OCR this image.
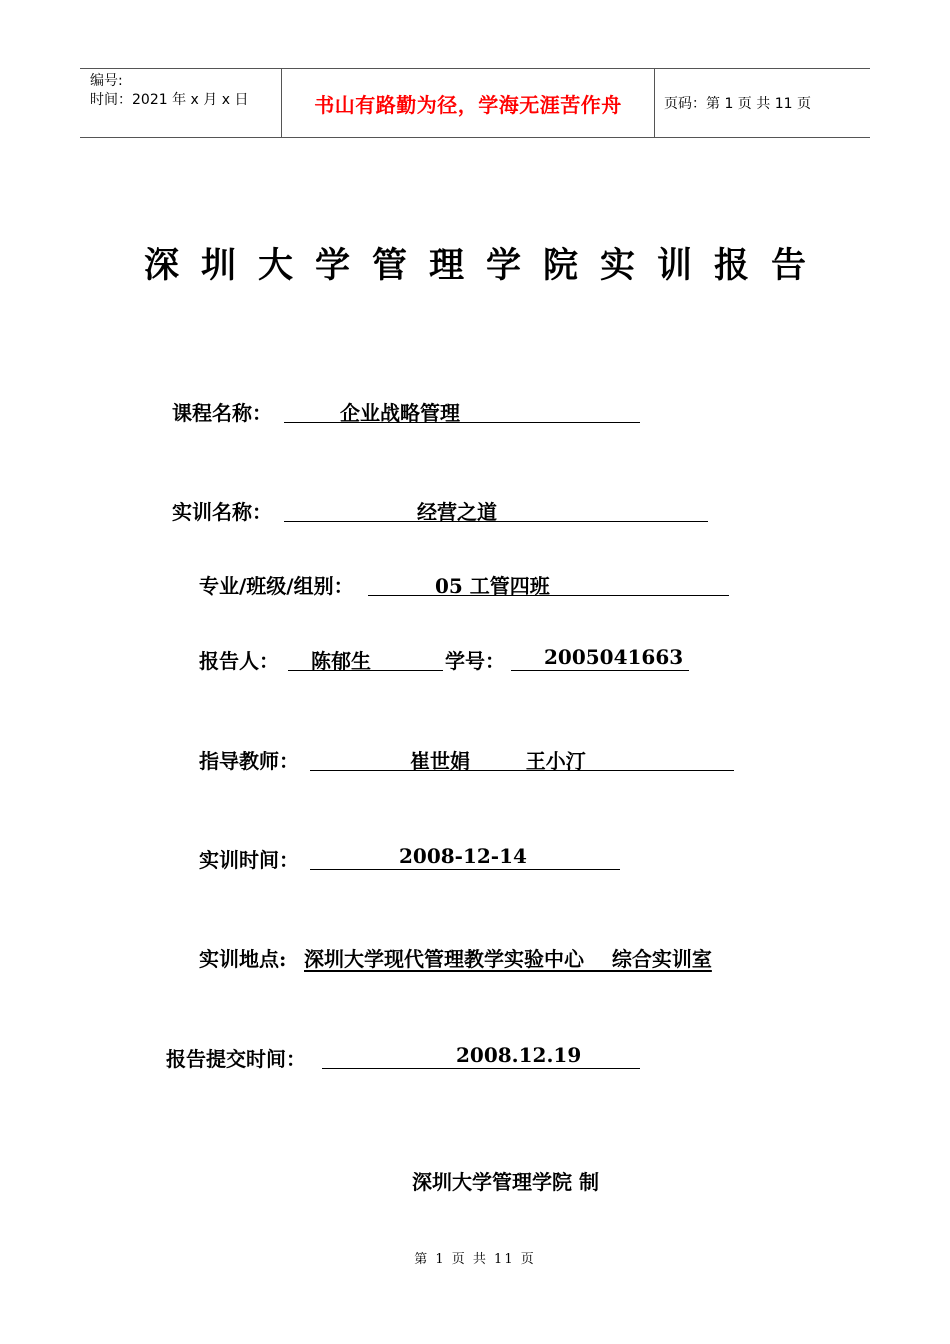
编号:
时间：2021 年 x 月 x 日	书山有路勤为径，学海无涯苦作舟	页码：第 1 页 共 11 页
深圳大学管理学院实训报告
课程名称：	企业战略管理
实训名称：	经营之道
专业/班级/组别：	05 工管四班
报告人： 陈郁生	学号： 2005041663
指导教师：	崔世娟        王小汀
实训时间：	2008-12-14
实训地点: 深圳大学现代管理教学实验中心    综合实训室
报告提交时间：	2008.12.19
深圳大学管理学院 制
第 1 页 共 11 页
